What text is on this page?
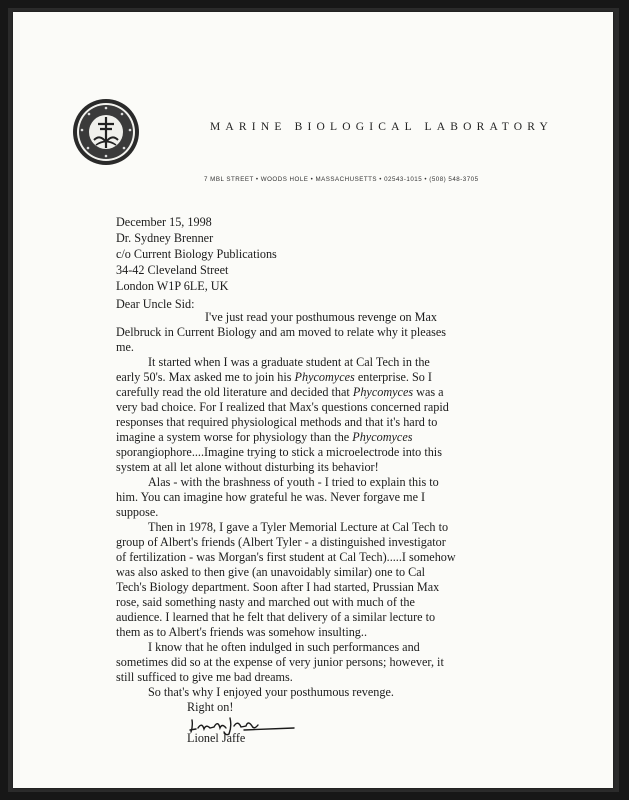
MARINE BIOLOGICAL LABORATORY
7 MBL STREET • WOODS HOLE • MASSACHUSETTS • 02543-1015 • (508) 548-3705
December 15, 1998
Dr. Sydney Brenner
c/o Current Biology Publications
34-42 Cleveland Street
London W1P 6LE, UK
Dear Uncle Sid:
I've just read your posthumous revenge on Max
Delbruck in Current Biology and am moved to relate why it pleases
me.
It started when I was a graduate student at Cal Tech in the
early 50's. Max asked me to join his Phycomyces enterprise. So I
carefully read the old literature and decided that Phycomyces was a
very bad choice. For I realized that Max's questions concerned rapid
responses that required physiological methods and that it's hard to
imagine a system worse for physiology than the Phycomyces
sporangiophore....Imagine trying to stick a microelectrode into this
system at all let alone without disturbing its behavior!
Alas - with the brashness of youth - I tried to explain this to
him. You can imagine how grateful he was. Never forgave me I
suppose.
Then in 1978, I gave a Tyler Memorial Lecture at Cal Tech to
group of Albert's friends (Albert Tyler - a distinguished investigator
of fertilization - was Morgan's first student at Cal Tech).....I somehow
was also asked to then give (an unavoidably similar) one to Cal
Tech's Biology department. Soon after I had started, Prussian Max
rose, said something nasty and marched out with much of the
audience. I learned that he felt that delivery of a similar lecture to
them as to Albert's friends was somehow insulting..
I know that he often indulged in such performances and
sometimes did so at the expense of very junior persons; however, it
still sufficed to give me bad dreams.
So that's why I enjoyed your posthumous revenge.
Right on!
Lionel Jaffe
